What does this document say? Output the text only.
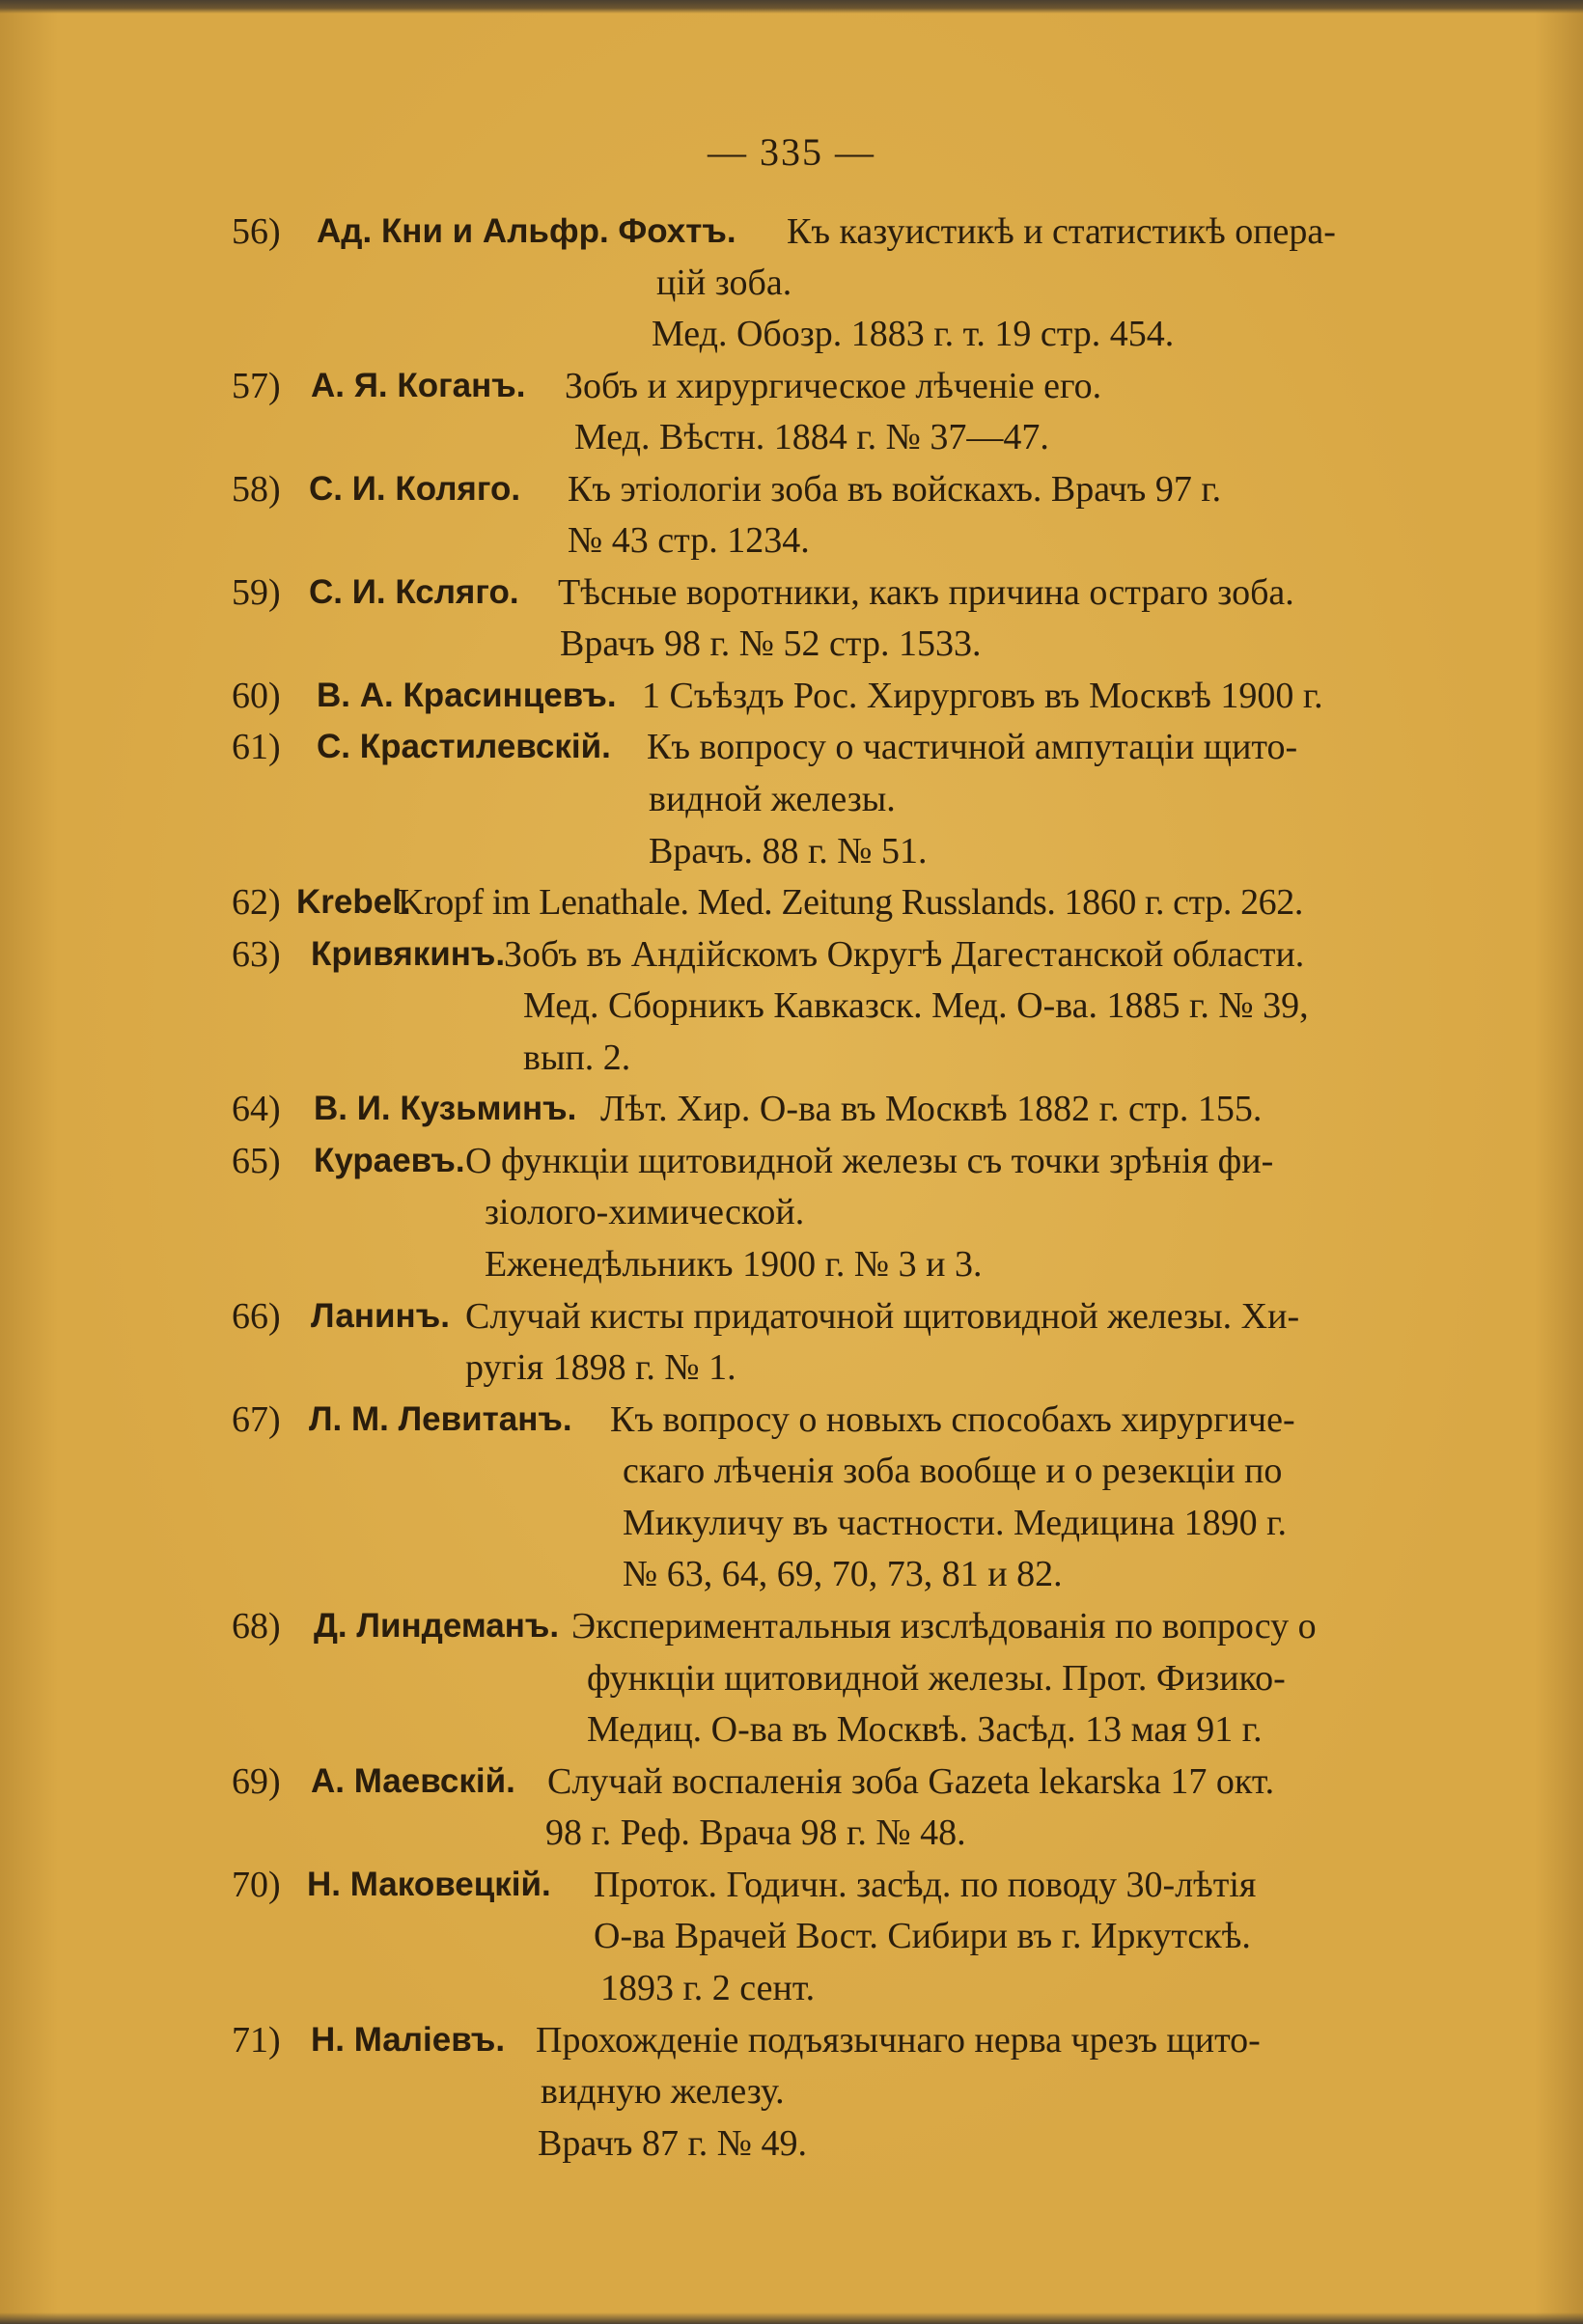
— 335 —
56) Ад. Кни и Альфр. Фохтъ. Къ казуистикѣ и статистикѣ опера-
цій зоба.
Мед. Обозр. 1883 г. т. 19 стр. 454.
57) А. Я. Коганъ. Зобъ и хирургическое лѣченіе его.
Мед. Вѣстн. 1884 г. № 37—47.
58) С. И. Коляго. Къ этіологіи зоба въ войскахъ. Врачъ 97 г.
№ 43 стр. 1234.
59) С. И. Ксляго. Тѣсные воротники, какъ причина остраго зоба.
Врачъ 98 г. № 52 стр. 1533.
60) В. А. Красинцевъ. 1 Съѣздъ Рос. Хирурговъ въ Москвѣ 1900 г.
61) С. Крастилевскій. Къ вопросу о частичной ампутаціи щито-
видной железы.
Врачъ. 88 г. № 51.
62) Krebel.
Kropf im Lenathale. Med. Zeitung Russlands. 1860 г. стр. 262.
63) Кривякинъ.
Зобъ въ Андійскомъ Округѣ Дагестанской области.
Мед. Сборникъ Кавказск. Мед. О-ва. 1885 г. № 39,
вып. 2.
64) В. И. Кузьминъ. Лѣт. Хир. О-ва въ Москвѣ 1882 г. стр. 155.
65) Кураевъ. О функціи щитовидной железы съ точки зрѣнія фи-
зіолого-химической.
Еженедѣльникъ 1900 г. № 3 и 3.
66) Ланинъ. Случай кисты придаточной щитовидной железы. Хи-
ругія 1898 г. № 1.
67) Л. М. Левитанъ. Къ вопросу о новыхъ способахъ хирургиче-
скаго лѣченія зоба вообще и о резекціи по
Микуличу въ частности. Медицина 1890 г.
№ 63, 64, 69, 70, 73, 81 и 82.
68) Д. Линдеманъ. Экспериментальныя изслѣдованія по вопросу о
функціи щитовидной железы. Прот. Физико-
Медиц. О-ва въ Москвѣ. Засѣд. 13 мая 91 г.
69) А. Маевскій. Случай воспаленія зоба Gazeta lekarska 17 окт.
98 г. Реф. Врача 98 г. № 48.
70) Н. Маковецкій. Проток. Годичн. засѣд. по поводу 30-лѣтія
О-ва Врачей Вост. Сибири въ г. Иркутскѣ.
1893 г. 2 сент.
71) Н. Маліевъ. Прохожденіе подъязычнаго нерва чрезъ щито-
видную железу.
Врачъ 87 г. № 49.
